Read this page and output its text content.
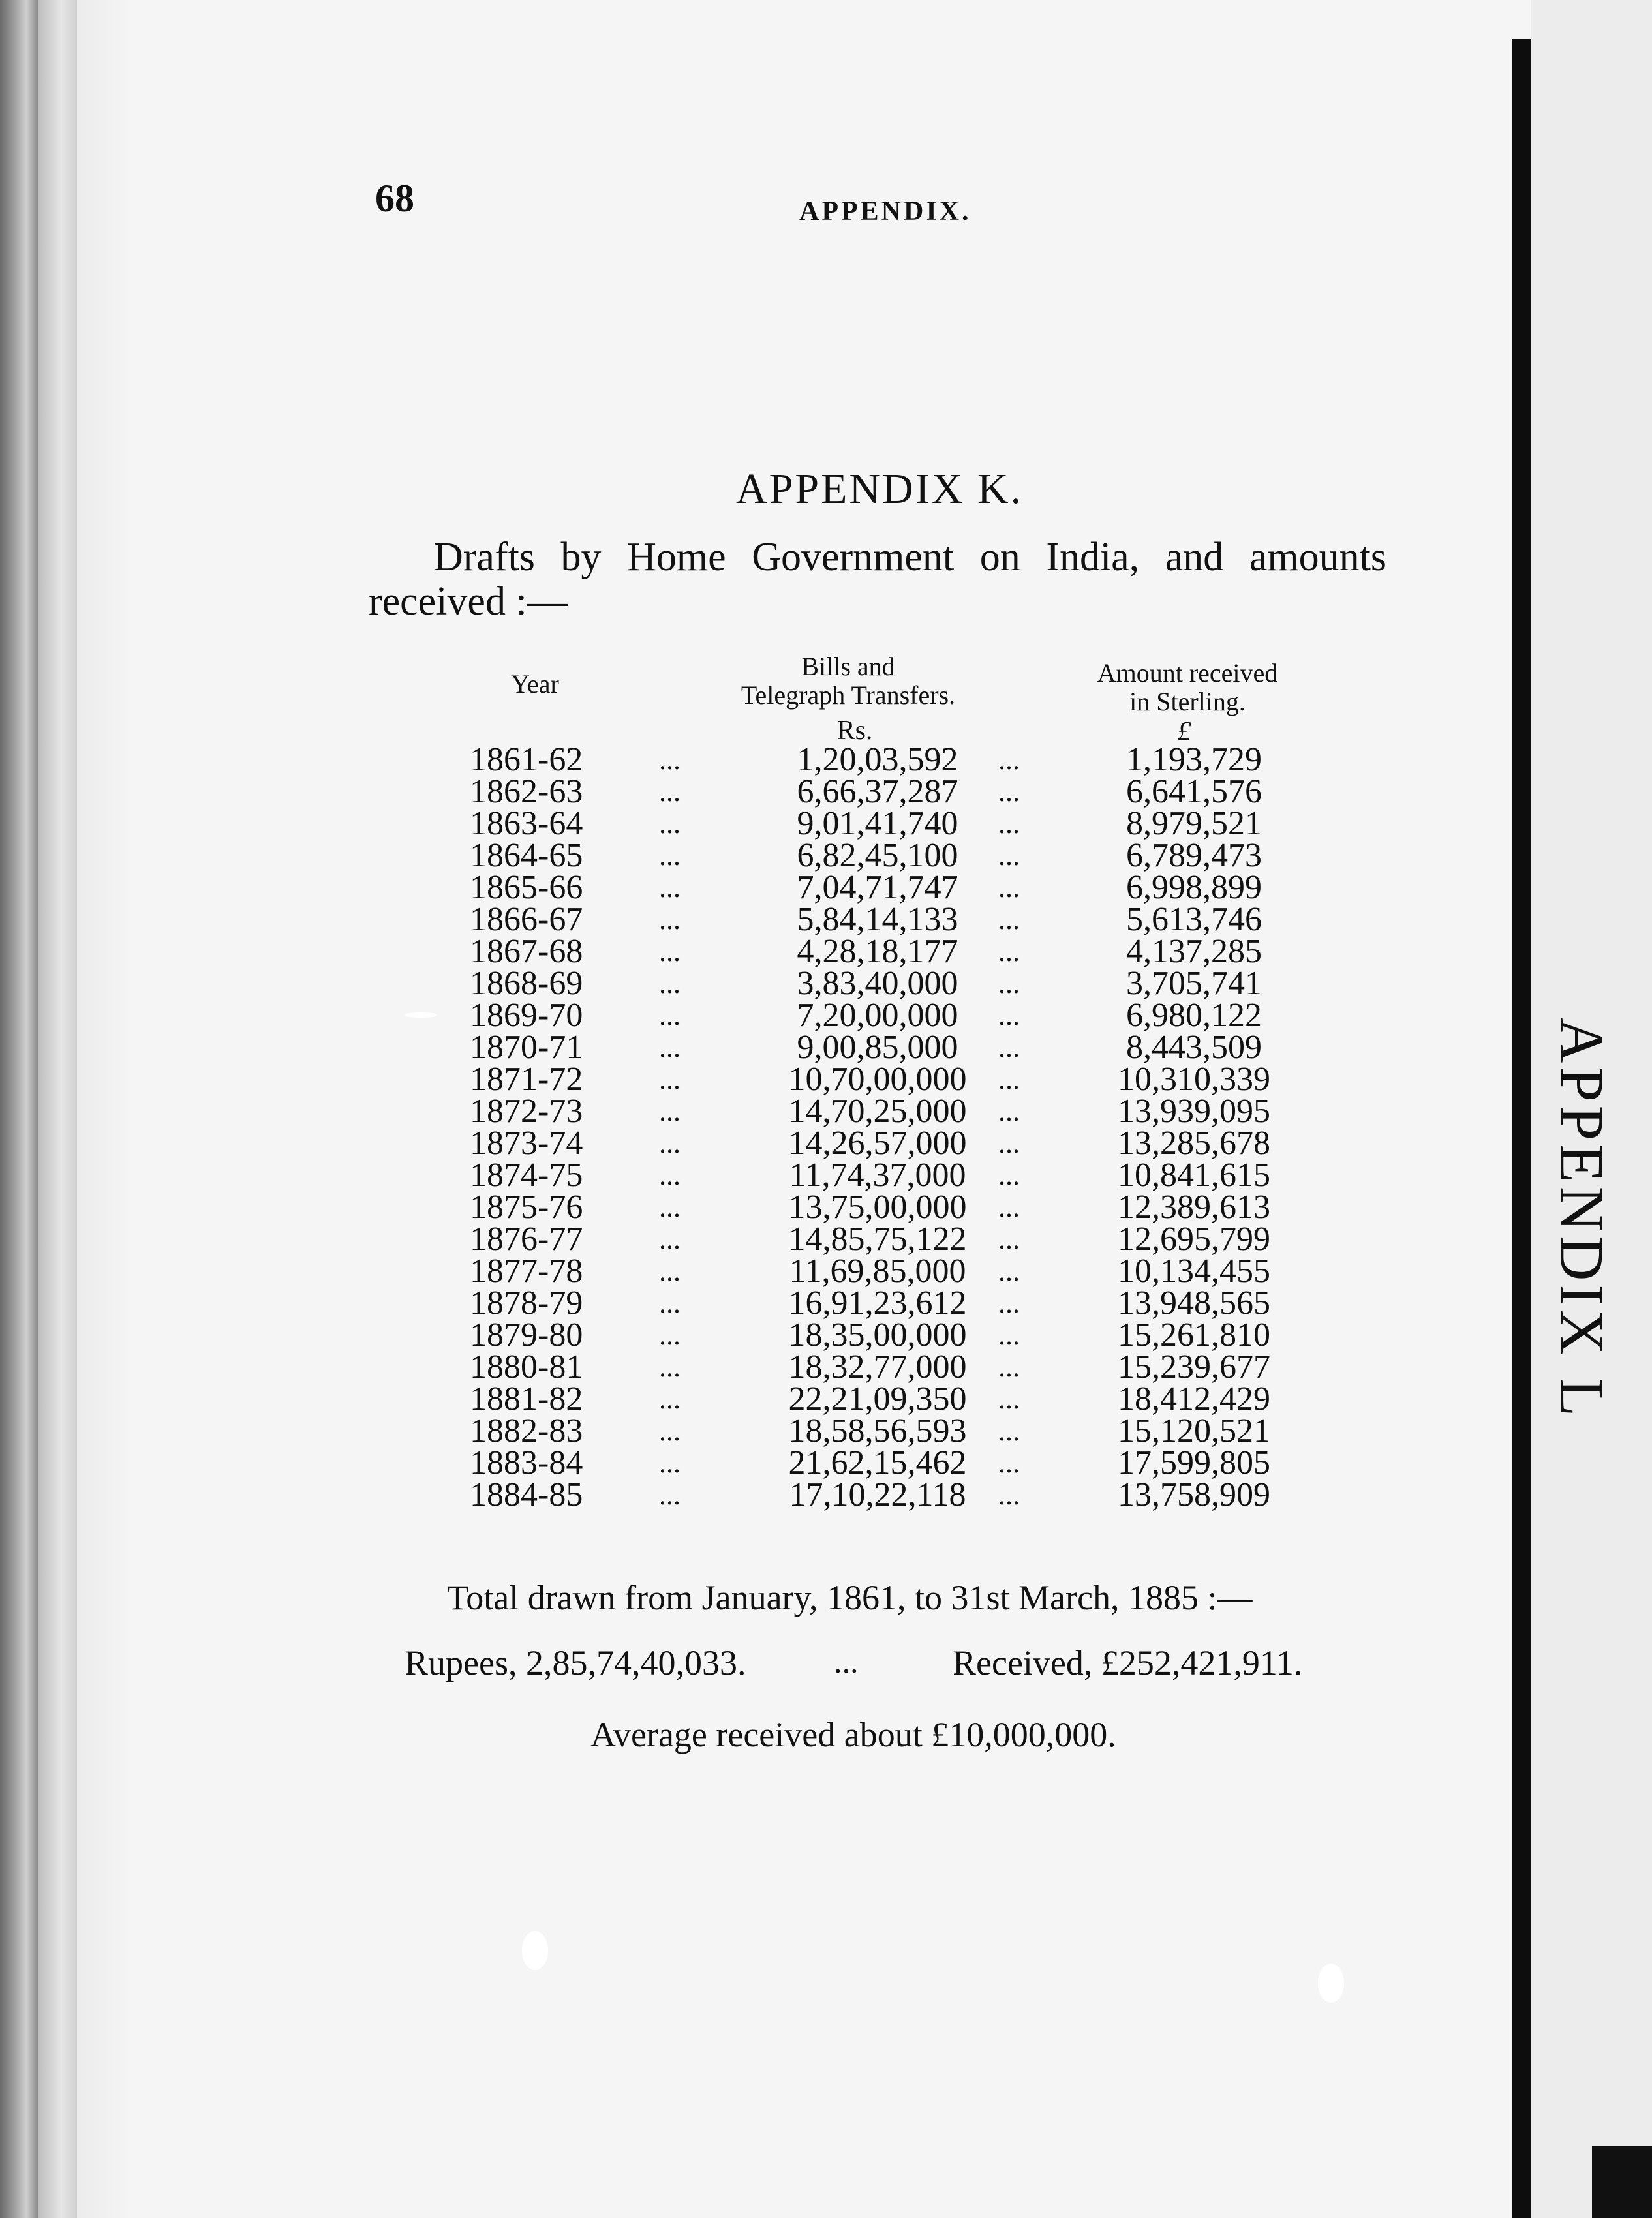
APPENDIX L
68	APPENDIX.
APPENDIX K.
Drafts by Home Government on India, and amounts received :—
Year
Bills and
Telegraph Transfers.
Amount received
in Sterling.
Rs.	£
1861-62	...	1,20,03,592	...	1,193,729
1862-63	...	6,66,37,287	...	6,641,576
1863-64	...	9,01,41,740	...	8,979,521
1864-65	...	6,82,45,100	...	6,789,473
1865-66	...	7,04,71,747	...	6,998,899
1866-67	...	5,84,14,133	...	5,613,746
1867-68	...	4,28,18,177	...	4,137,285
1868-69	...	3,83,40,000	...	3,705,741
1869-70	...	7,20,00,000	...	6,980,122
1870-71	...	9,00,85,000	...	8,443,509
1871-72	...	10,70,00,000	...	10,310,339
1872-73	...	14,70,25,000	...	13,939,095
1873-74	...	14,26,57,000	...	13,285,678
1874-75	...	11,74,37,000	...	10,841,615
1875-76	...	13,75,00,000	...	12,389,613
1876-77	...	14,85,75,122	...	12,695,799
1877-78	...	11,69,85,000	...	10,134,455
1878-79	...	16,91,23,612	...	13,948,565
1879-80	...	18,35,00,000	...	15,261,810
1880-81	...	18,32,77,000	...	15,239,677
1881-82	...	22,21,09,350	...	18,412,429
1882-83	...	18,58,56,593	...	15,120,521
1883-84	...	21,62,15,462	...	17,599,805
1884-85	...	17,10,22,118	...	13,758,909
Total drawn from January, 1861, to 31st March, 1885 :—
Rupees, 2,85,74,40,033.	...	Received, £252,421,911.
Average received about £10,000,000.
